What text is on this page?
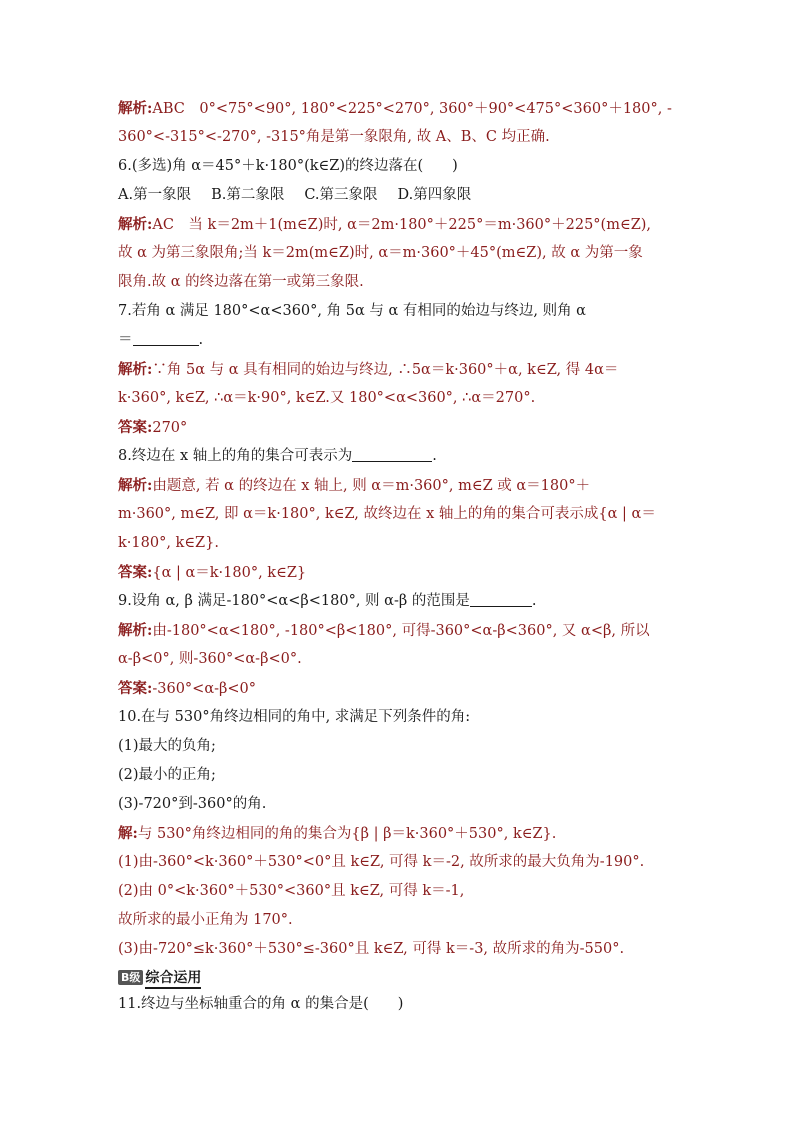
解析:ABC　0°<75°<90°, 180°<225°<270°, 360°＋90°<475°<360°＋180°, -
360°<-315°<-270°, -315°角是第一象限角, 故 A、B、C 均正确.
6.(多选)角 α＝45°＋k·180°(k∈Z)的终边落在(　　)
A.第一象限 B.第二象限 C.第三象限 D.第四象限
解析:AC　当 k＝2m＋1(m∈Z)时, α＝2m·180°＋225°＝m·360°＋225°(m∈Z),
故 α 为第三象限角;当 k＝2m(m∈Z)时, α＝m·360°＋45°(m∈Z), 故 α 为第一象
限角.故 α 的终边落在第一或第三象限.
7.若角 α 满足 180°<α<360°, 角 5α 与 α 有相同的始边与终边, 则角 α
＝	.
解析:∵角 5α 与 α 具有相同的始边与终边, ∴5α＝k·360°＋α, k∈Z, 得 4α＝
k·360°, k∈Z, ∴α＝k·90°, k∈Z.又 180°<α<360°, ∴α＝270°.
答案:270°
8.终边在 x 轴上的角的集合可表示为	.
解析:由题意, 若 α 的终边在 x 轴上, 则 α＝m·360°, m∈Z 或 α＝180°＋
m·360°, m∈Z, 即 α＝k·180°, k∈Z, 故终边在 x 轴上的角的集合可表示成{α | α＝
k·180°, k∈Z}.
答案:{α | α＝k·180°, k∈Z}
9.设角 α, β 满足-180°<α<β<180°, 则 α-β 的范围是	.
解析:由-180°<α<180°, -180°<β<180°, 可得-360°<α-β<360°, 又 α<β, 所以
α-β<0°, 则-360°<α-β<0°.
答案:-360°<α-β<0°
10.在与 530°角终边相同的角中, 求满足下列条件的角:
(1)最大的负角;
(2)最小的正角;
(3)-720°到-360°的角.
解:与 530°角终边相同的角的集合为{β | β＝k·360°＋530°, k∈Z}.
(1)由-360°<k·360°＋530°<0°且 k∈Z, 可得 k＝-2, 故所求的最大负角为-190°.
(2)由 0°<k·360°＋530°<360°且 k∈Z, 可得 k＝-1,
故所求的最小正角为 170°.
(3)由-720°≤k·360°＋530°≤-360°且 k∈Z, 可得 k＝-3, 故所求的角为-550°.
B级 综合运用
11.终边与坐标轴重合的角 α 的集合是(　　)
